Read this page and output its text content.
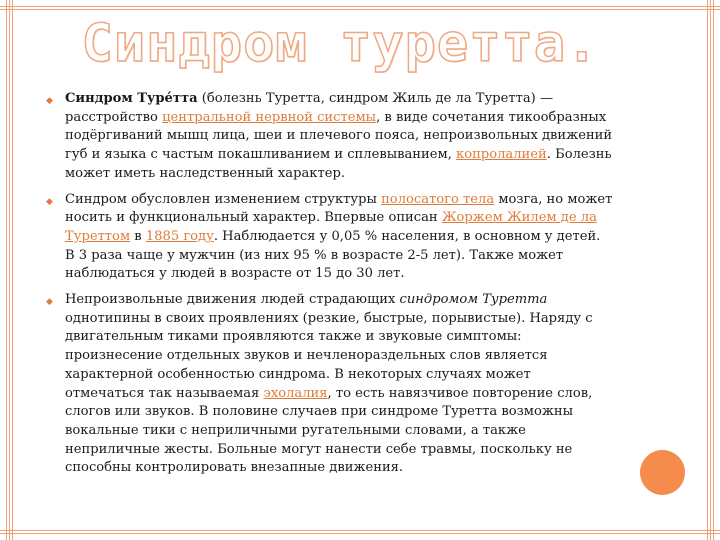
Синдром туретта.
◆ Синдром Туре́тта (болезнь Туретта, синдром Жиль де ла Туретта) — расстройство центральной нервной системы, в виде сочетания тикообразных подёргиваний мышц лица, шеи и плечевого пояса, непроизвольных движений губ и языка с частым покашливанием и сплевыванием, копролалией. Болезнь может иметь наследственный характер.
◆ Синдром обусловлен изменением структуры полосатого тела мозга, но может носить и функциональный характер. Впервые описан Жоржем Жилем де ла Туреттом в 1885 году. Наблюдается у 0,05 % населения, в основном у детей. В 3 раза чаще у мужчин (из них 95 % в возрасте 2-5 лет). Также может наблюдаться у людей в возрасте от 15 до 30 лет.
◆ Непроизвольные движения людей страдающих синдромом Туретта однотипины в своих проявлениях (резкие, быстрые, порывистые). Наряду с двигательным тиками проявляются также и звуковые симптомы: произнесение отдельных звуков и нечленораздельных слов является характерной особенностью синдрома. В некоторых случаях может отмечаться так называемая эхолалия, то есть навязчивое повторение слов, слогов или звуков. В половине случаев при синдроме Туретта возможны вокальные тики с неприличными ругательными словами, а также неприличные жесты. Больные могут нанести себе травмы, поскольку не способны контролировать внезапные движения.
